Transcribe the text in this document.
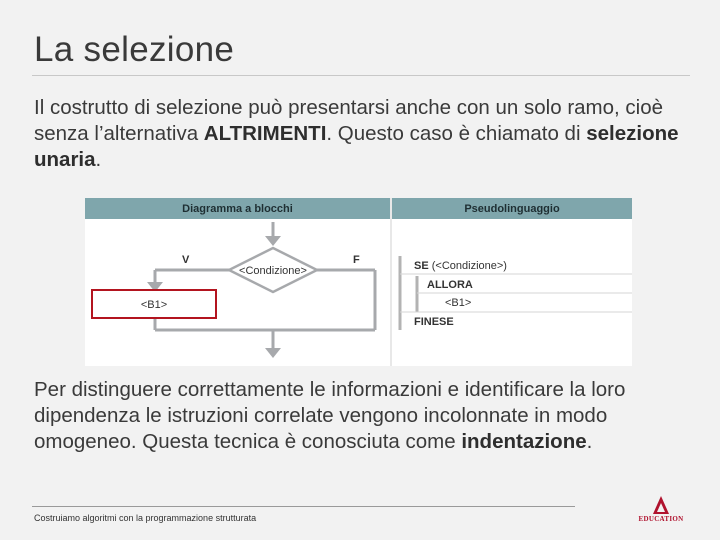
La selezione
Il costrutto di selezione può presentarsi anche con un solo ramo, cioè senza l’alternativa ALTRIMENTI. Questo caso è chiamato di selezione unaria.
Diagramma a blocchi	Pseudolinguaggio
<Condizione>
V	F
<B1>
SE (<Condizione>)
ALLORA
<B1>
FINESE
Per distinguere correttamente le informazioni e identificare la loro dipendenza le istruzioni correlate vengono incolonnate in modo omogeneo. Questa tecnica è conosciuta come indentazione.
Costruiamo algoritmi con la programmazione strutturata	EDUCATION
